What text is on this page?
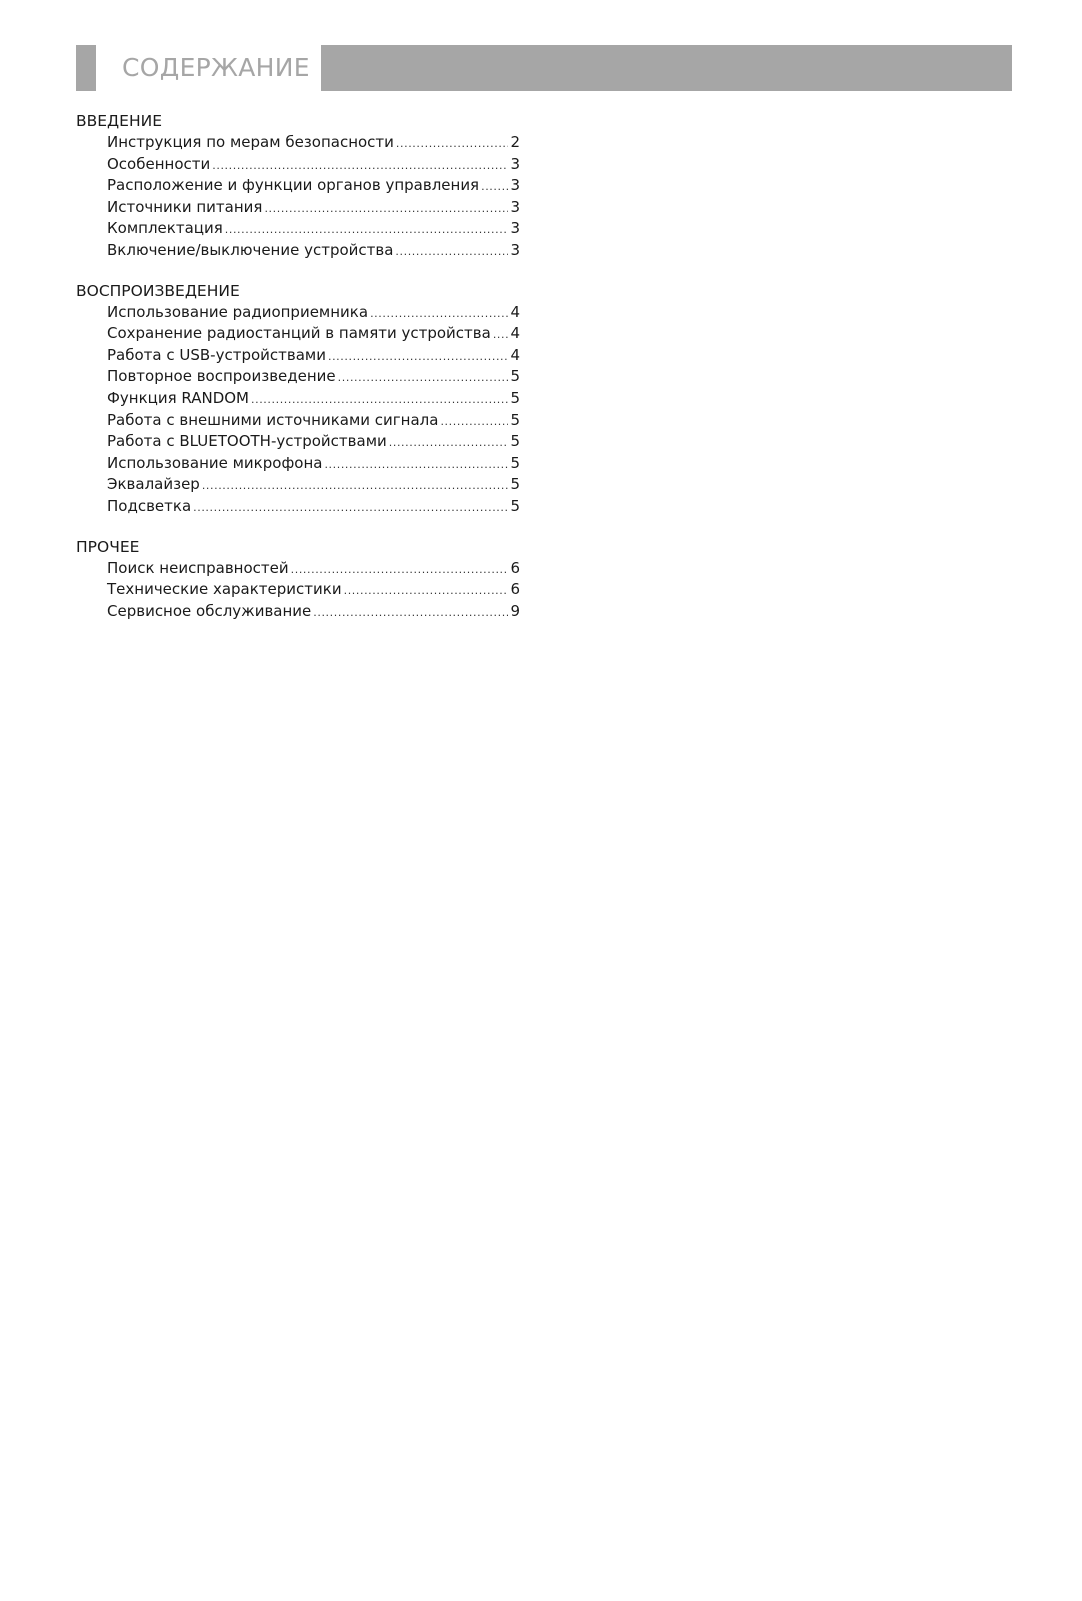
СОДЕРЖАНИЕ
ВВЕДЕНИЕ
Инструкция по мерам безопасности .....	2
Особенности .....	3
Расположение и функции органов управления ..... 3
Источники питания .....	3
Комплектация .....	3
Включение/выключение устройства .....	3
ВОСПРОИЗВЕДЕНИЕ
Использование радиоприемника .....	4
Сохранение радиостанций в памяти устройства ..... 4
Работа с USB-устройствами .....	4
Повторное воспроизведение .....	5
Функция RANDOM .....	5
Работа с внешними источниками сигнала .....	5
Работа с BLUETOOTH-устройствами .....	5
Использование микрофона .....	5
Эквалайзер .....	5
Подсветка .....	5
ПРОЧЕЕ
Поиск неисправностей .....	6
Технические характеристики .....	6
Сервисное обслуживание .....	9
